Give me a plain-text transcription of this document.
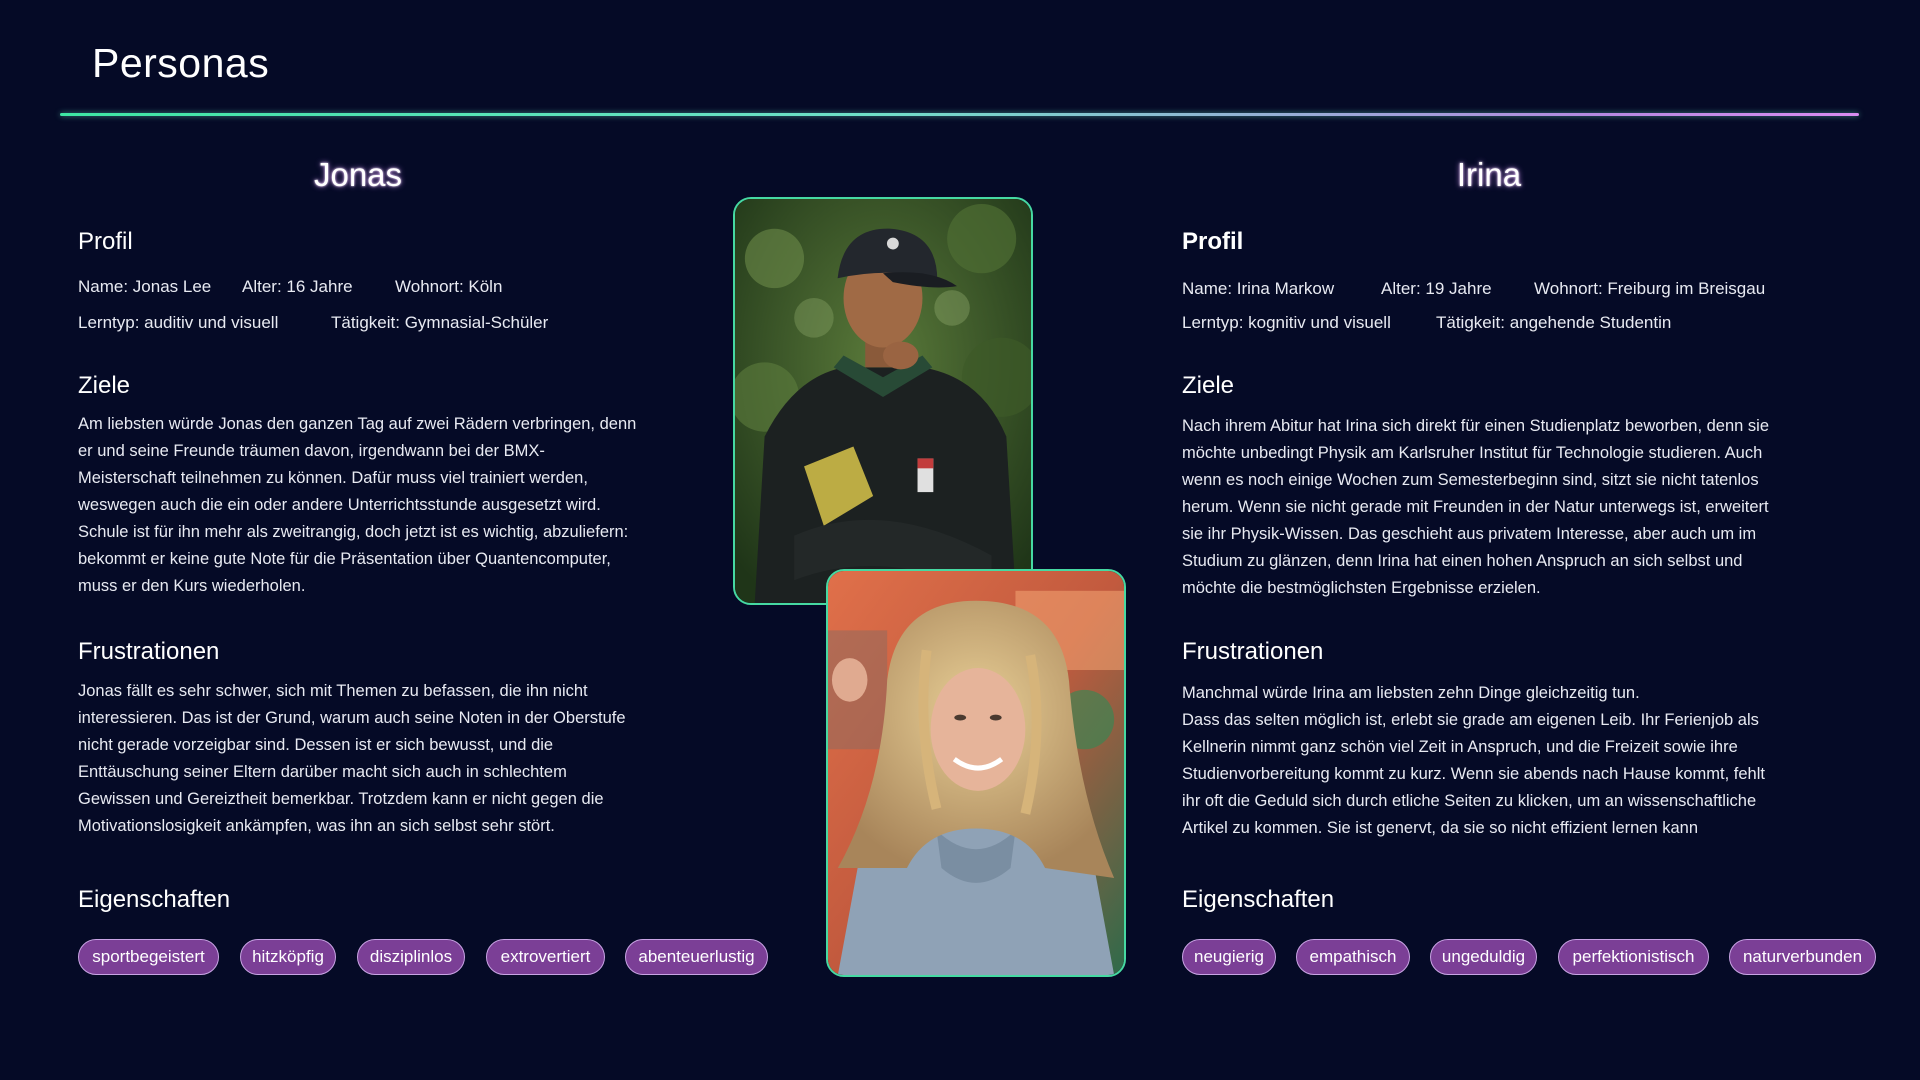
Personas
Jonas
Profil
Name: Jonas Lee	Alter: 16 Jahre	Wohnort: Köln
Lerntyp: auditiv und visuell	Tätigkeit: Gymnasial-Schüler
Ziele
Am liebsten würde Jonas den ganzen Tag auf zwei Rädern verbringen, denn
er und seine Freunde träumen davon, irgendwann bei der BMX-
Meisterschaft teilnehmen zu können. Dafür muss viel trainiert werden,
weswegen auch die ein oder andere Unterrichtsstunde ausgesetzt wird.
Schule ist für ihn mehr als zweitrangig, doch jetzt ist es wichtig, abzuliefern:
bekommt er keine gute Note für die Präsentation über Quantencomputer,
muss er den Kurs wiederholen.
Frustrationen
Jonas fällt es sehr schwer, sich mit Themen zu befassen, die ihn nicht
interessieren. Das ist der Grund, warum auch seine Noten in der Oberstufe
nicht gerade vorzeigbar sind. Dessen ist er sich bewusst, und die
Enttäuschung seiner Eltern darüber macht sich auch in schlechtem
Gewissen und Gereiztheit bemerkbar. Trotzdem kann er nicht gegen die
Motivationslosigkeit ankämpfen, was ihn an sich selbst sehr stört.
Eigenschaften
sportbegeistert	hitzköpfig	disziplinlos	extrovertiert	abenteuerlustig
Irina
Profil
Name: Irina Markow	Alter: 19 Jahre	Wohnort: Freiburg im Breisgau
Lerntyp: kognitiv und visuell	Tätigkeit: angehende Studentin
Ziele
Nach ihrem Abitur hat Irina sich direkt für einen Studienplatz beworben, denn sie
möchte unbedingt Physik am Karlsruher Institut für Technologie studieren. Auch
wenn es noch einige Wochen zum Semesterbeginn sind, sitzt sie nicht tatenlos
herum. Wenn sie nicht gerade mit Freunden in der Natur unterwegs ist, erweitert
sie ihr Physik-Wissen. Das geschieht aus privatem Interesse, aber auch um im
Studium zu glänzen, denn Irina hat einen hohen Anspruch an sich selbst und
möchte die bestmöglichsten Ergebnisse erzielen.
Frustrationen
Manchmal würde Irina am liebsten zehn Dinge gleichzeitig tun.
Dass das selten möglich ist, erlebt sie grade am eigenen Leib. Ihr Ferienjob als
Kellnerin nimmt ganz schön viel Zeit in Anspruch, und die Freizeit sowie ihre
Studienvorbereitung kommt zu kurz. Wenn sie abends nach Hause kommt, fehlt
ihr oft die Geduld sich durch etliche Seiten zu klicken, um an wissenschaftliche
Artikel zu kommen. Sie ist genervt, da sie so nicht effizient lernen kann
Eigenschaften
neugierig	empathisch	ungeduldig	perfektionistisch	naturverbunden
